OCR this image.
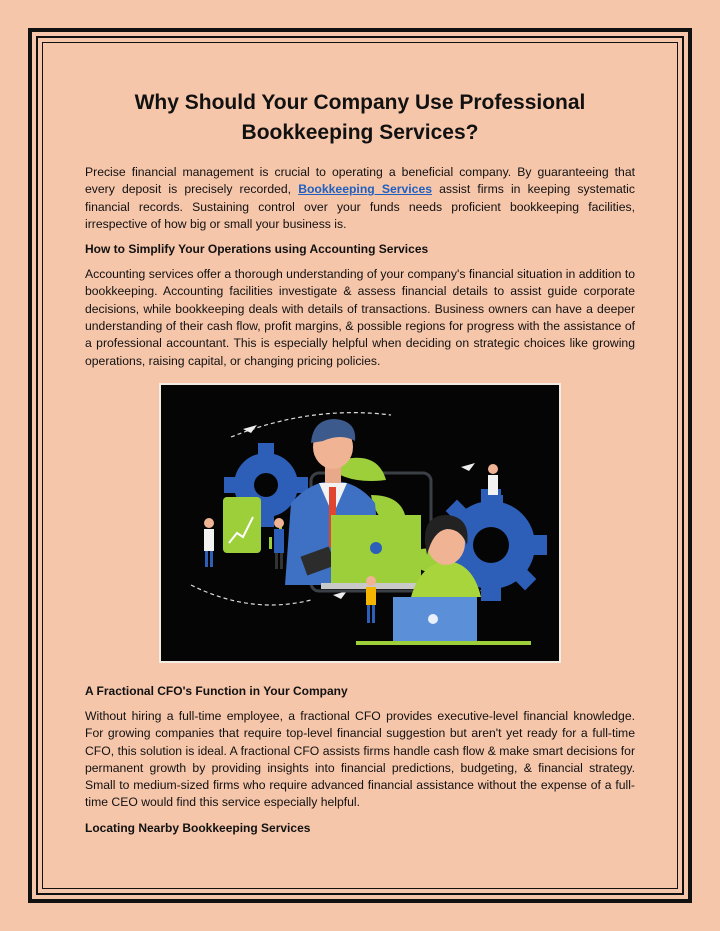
Why Should Your Company Use Professional Bookkeeping Services?

Precise financial management is crucial to operating a beneficial company. By guaranteeing that every deposit is precisely recorded, Bookkeeping Services assist firms in keeping systematic financial records. Sustaining control over your funds needs proficient bookkeeping facilities, irrespective of how big or small your business is.

How to Simplify Your Operations using Accounting Services

Accounting services offer a thorough understanding of your company's financial situation in addition to bookkeeping. Accounting facilities investigate & assess financial details to assist guide corporate decisions, while bookkeeping deals with details of transactions. Business owners can have a deeper understanding of their cash flow, profit margins, & possible regions for progress with the assistance of a professional accountant. This is especially helpful when deciding on strategic choices like growing operations, raising capital, or changing pricing policies.

A Fractional CFO's Function in Your Company

Without hiring a full-time employee, a fractional CFO provides executive-level financial knowledge. For growing companies that require top-level financial suggestion but aren't yet ready for a full-time CFO, this solution is ideal. A fractional CFO assists firms handle cash flow & make smart decisions for permanent growth by providing insights into financial predictions, budgeting, & financial strategy. Small to medium-sized firms who require advanced financial assistance without the expense of a full-time CEO would find this service especially helpful.

Locating Nearby Bookkeeping Services
